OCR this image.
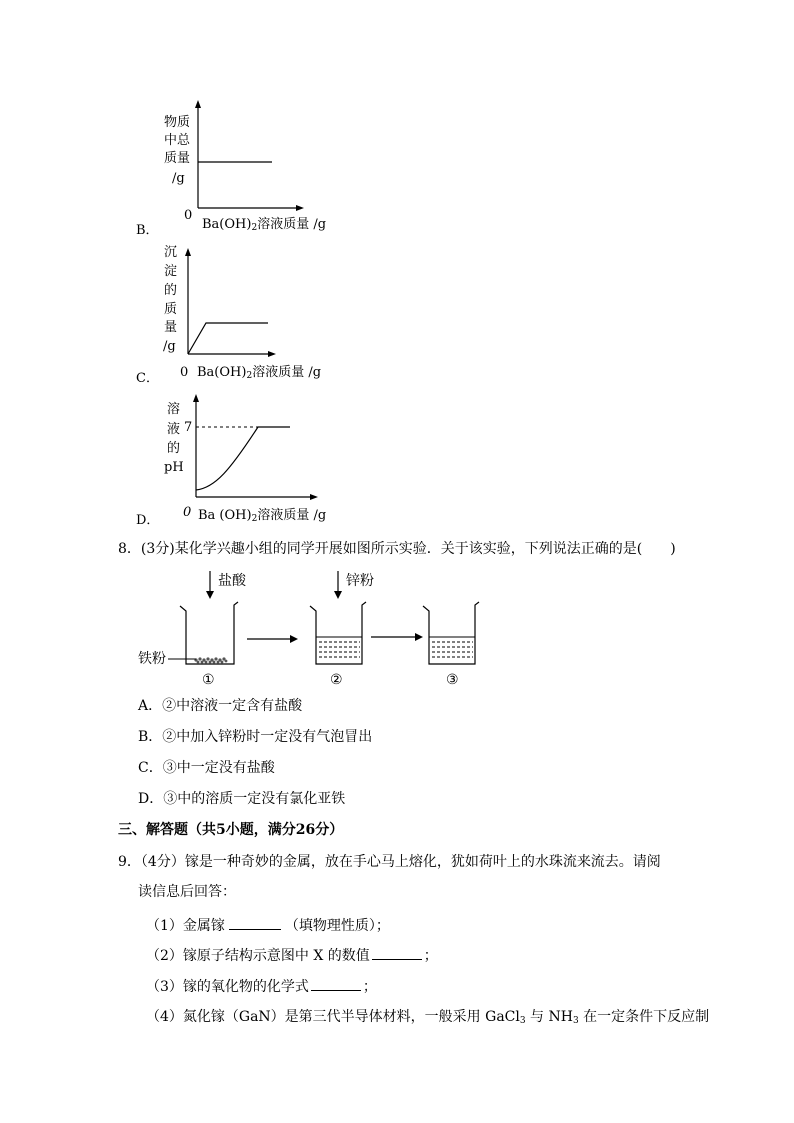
B．
物质
中总
质量
/g
0
$Ba(OH)_2$溶液质量 /g
C．
沉
淀
的
质
量
/g
0 $Ba(OH)_2$溶液质量 /g
D．
溶
液
的
pH
7
0 Ba $(OH)_2$溶液质量 /g
8．(3分)某化学兴趣小组的同学开展如图所示实验．关于该实验，下列说法正确的是(　　)
盐酸	锌粉
铁粉
①	②	③
A．②中溶液一定含有盐酸
B．②中加入锌粉时一定没有气泡冒出
C．③中一定没有盐酸
D．③中的溶质一定没有氯化亚铁
三、解答题（共5小题，满分26分）
9．（4分）镓是一种奇妙的金属，放在手心马上熔化，犹如荷叶上的水珠流来流去。请阅
读信息后回答：
（1）金属镓	（填物理性质）；
（2）镓原子结构示意图中 X 的数值	；
（3）镓的氧化物的化学式	；
（4）氮化镓（GaN）是第三代半导体材料，一般采用 GaCl$_3$ 与 $NH_3$ 在一定条件下反应制
